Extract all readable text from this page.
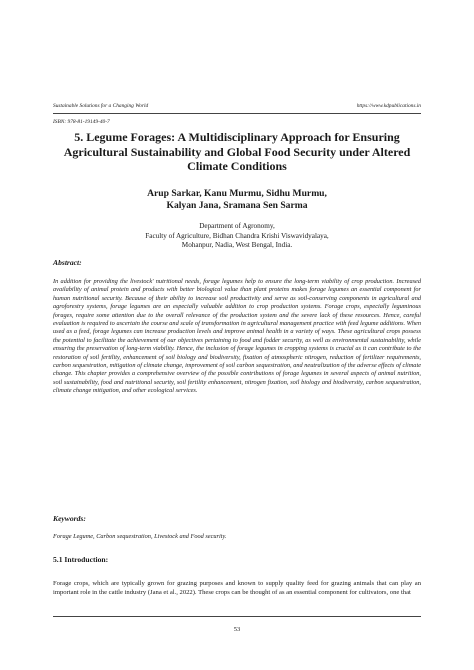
Sustainable Solutions for a Changing World	https://www.kdpublications.in
ISBN: 978-81-19149-40-7
5. Legume Forages: A Multidisciplinary Approach for Ensuring Agricultural Sustainability and Global Food Security under Altered Climate Conditions
Arup Sarkar, Kanu Murmu, Sidhu Murmu,
Kalyan Jana, Sramana Sen Sarma
Department of Agronomy,
Faculty of Agriculture, Bidhan Chandra Krishi Viswavidyalaya,
Mohanpur, Nadia, West Bengal, India.
Abstract:
In addition for providing the livestock' nutritional needs, forage legumes help to ensure the long-term viability of crop production. Increased availability of animal protein and products with better biological value than plant proteins makes forage legumes an essential component for human nutritional security. Because of their ability to increase soil productivity and serve as soil-conserving components in agricultural and agroforestry systems, forage legumes are an especially valuable addition to crop production systems. Forage crops, especially leguminous forages, require some attention due to the overall relevance of the production system and the severe lack of these resources. Hence, careful evaluation is required to ascertain the course and scale of transformation in agricultural management practice with feed legume additions. When used as a feed, forage legumes can increase production levels and improve animal health in a variety of ways. These agricultural crops possess the potential to facilitate the achievement of our objectives pertaining to food and fodder security, as well as environmental sustainability, while ensuring the preservation of long-term viability. Hence, the inclusion of forage legumes in cropping systems is crucial as it can contribute to the restoration of soil fertility, enhancement of soil biology and biodiversity, fixation of atmospheric nitrogen, reduction of fertilizer requirements, carbon sequestration, mitigation of climate change, improvement of soil carbon sequestration, and neutralization of the adverse effects of climate change. This chapter provides a comprehensive overview of the possible contributions of forage legumes in several aspects of animal nutrition, soil sustainability, food and nutritional security, soil fertility enhancement, nitrogen fixation, soil biology and biodiversity, carbon sequestration, climate change mitigation, and other ecological services.
Keywords:
Forage Legume, Carbon sequestration, Livestock and Food security.
5.1 Introduction:
Forage crops, which are typically grown for grazing purposes and known to supply quality feed for grazing animals that can play an important role in the cattle industry (Jana et al., 2022). These crops can be thought of as an essential component for cultivators, one that
53
